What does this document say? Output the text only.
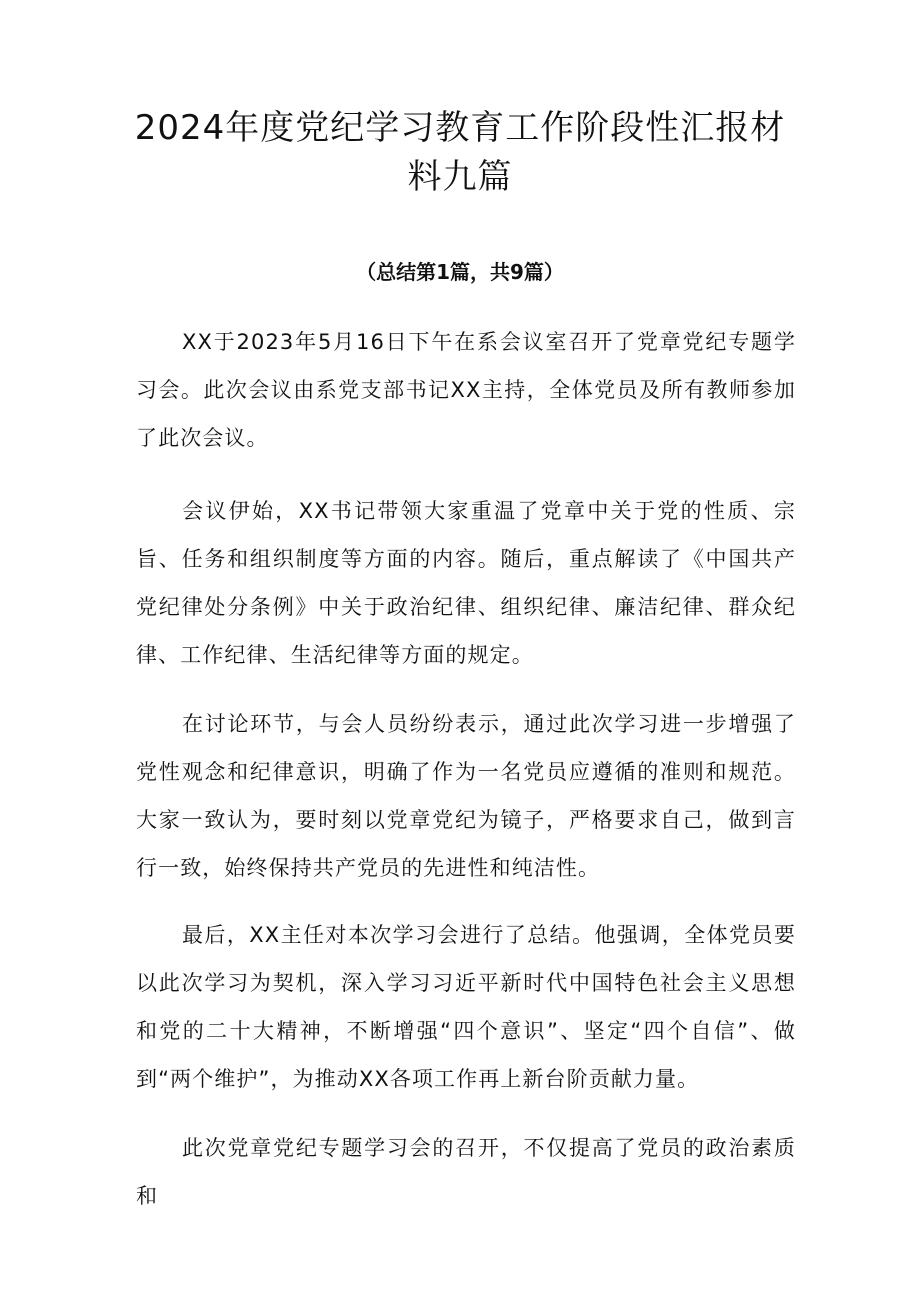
2024年度党纪学习教育工作阶段性汇报材
料九篇
（总结第1篇，共9篇）

XX于2023年5月16日下午在系会议室召开了党章党纪专题学习会。此次会议由系党支部书记XX主持，全体党员及所有教师参加了此次会议。

会议伊始，XX书记带领大家重温了党章中关于党的性质、宗旨、任务和组织制度等方面的内容。随后，重点解读了《中国共产党纪律处分条例》中关于政治纪律、组织纪律、廉洁纪律、群众纪律、工作纪律、生活纪律等方面的规定。

在讨论环节，与会人员纷纷表示，通过此次学习进一步增强了党性观念和纪律意识，明确了作为一名党员应遵循的准则和规范。大家一致认为，要时刻以党章党纪为镜子，严格要求自己，做到言行一致，始终保持共产党员的先进性和纯洁性。

最后，XX主任对本次学习会进行了总结。他强调，全体党员要以此次学习为契机，深入学习习近平新时代中国特色社会主义思想和党的二十大精神，不断增强“四个意识”、坚定“四个自信”、做到“两个维护”，为推动XX各项工作再上新台阶贡献力量。

此次党章党纪专题学习会的召开，不仅提高了党员的政治素质和
